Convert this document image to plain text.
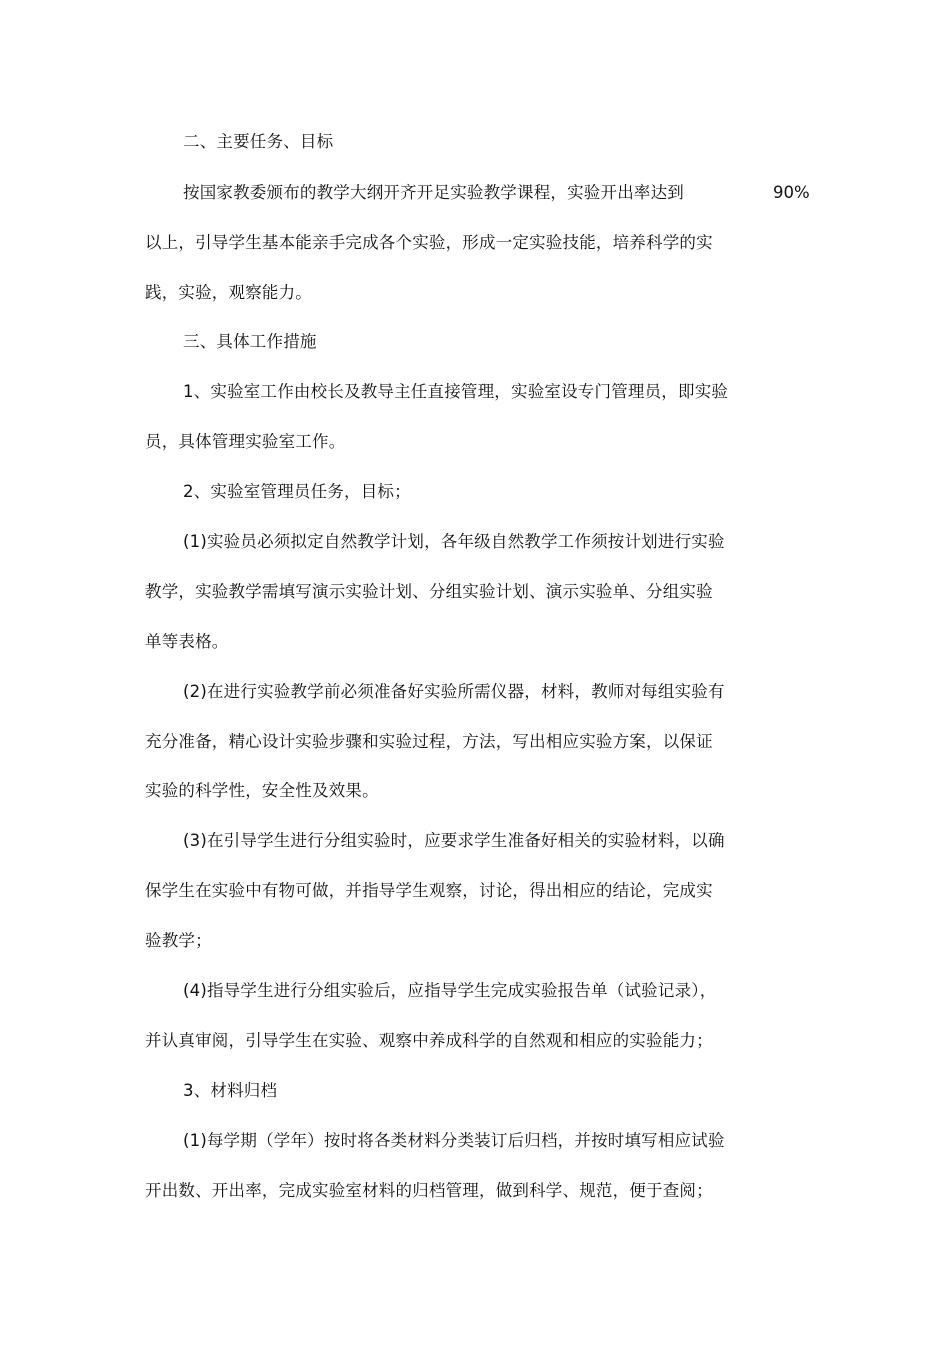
二、主要任务、目标
按国家教委颁布的教学大纲开齐开足实验教学课程，实验开出率达到	90%
以上，引导学生基本能亲手完成各个实验，形成一定实验技能，培养科学的实
践，实验，观察能力。
三、具体工作措施
1、实验室工作由校长及教导主任直接管理，实验室设专门管理员，即实验
员，具体管理实验室工作。
2、实验室管理员任务，目标；
(1)实验员必须拟定自然教学计划，各年级自然教学工作须按计划进行实验
教学，实验教学需填写演示实验计划、分组实验计划、演示实验单、分组实验
单等表格。
(2)在进行实验教学前必须准备好实验所需仪器，材料，教师对每组实验有
充分准备，精心设计实验步骤和实验过程，方法，写出相应实验方案，以保证
实验的科学性，安全性及效果。
(3)在引导学生进行分组实验时，应要求学生准备好相关的实验材料，以确
保学生在实验中有物可做，并指导学生观察，讨论，得出相应的结论，完成实
验教学；
(4)指导学生进行分组实验后，应指导学生完成实验报告单（试验记录），
并认真审阅，引导学生在实验、观察中养成科学的自然观和相应的实验能力；
3、材料归档
(1)每学期（学年）按时将各类材料分类装订后归档，并按时填写相应试验
开出数、开出率，完成实验室材料的归档管理，做到科学、规范，便于查阅；
